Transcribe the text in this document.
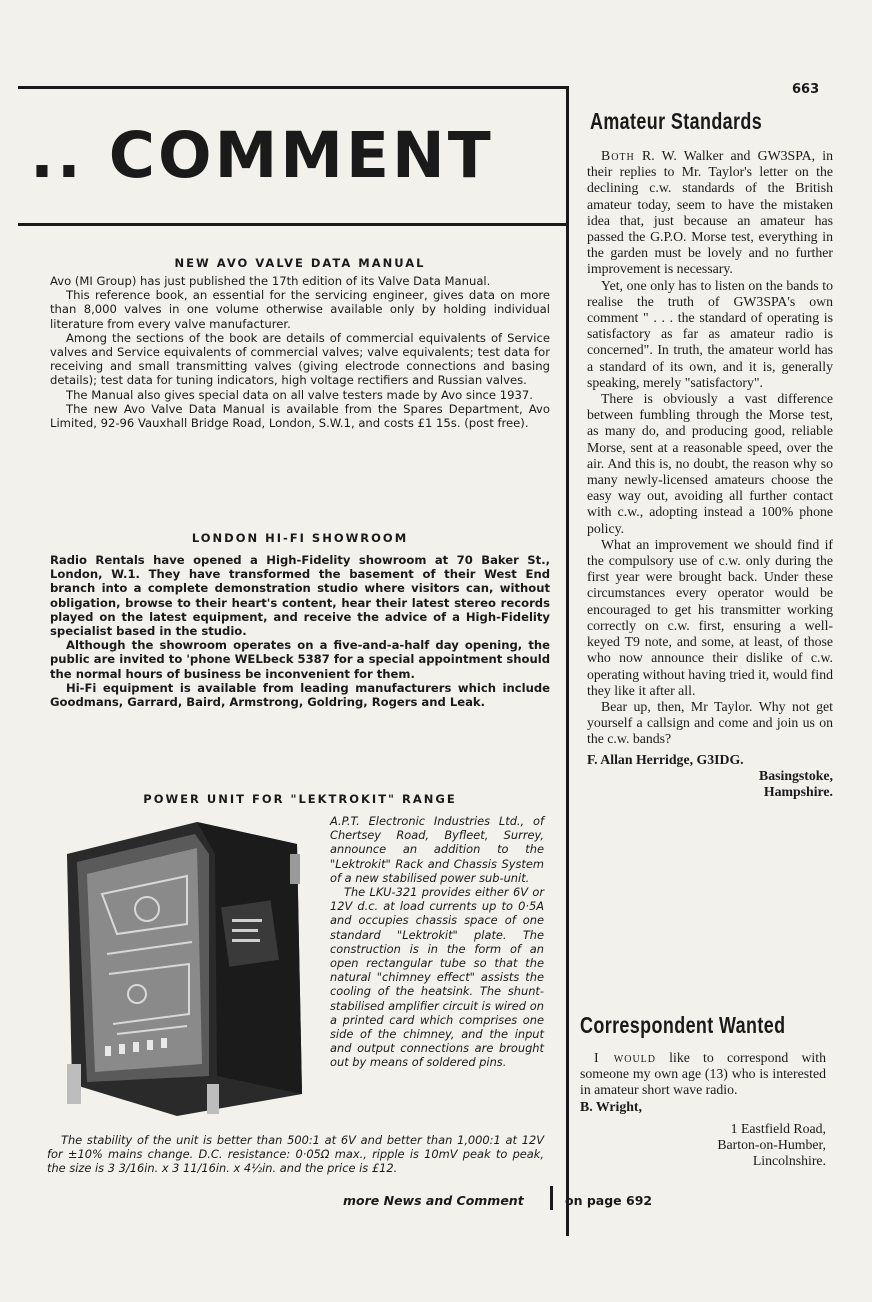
663
.. COMMENT
NEW AVO VALVE DATA MANUAL

Avo (MI Group) has just published the 17th edition of its Valve Data Manual.

This reference book, an essential for the servicing engineer, gives data on more than 8,000 valves in one volume otherwise available only by holding individual literature from every valve manufacturer.

Among the sections of the book are details of commercial equivalents of Service valves and Service equivalents of commercial valves; valve equivalents; test data for receiving and small transmitting valves (giving electrode connections and basing details); test data for tuning indicators, high voltage rectifiers and Russian valves.

The Manual also gives special data on all valve testers made by Avo since 1937.

The new Avo Valve Data Manual is available from the Spares Department, Avo Limited, 92-96 Vauxhall Bridge Road, London, S.W.1, and costs £1 15s. (post free).

LONDON HI-FI SHOWROOM

Radio Rentals have opened a High-Fidelity showroom at 70 Baker St., London, W.1. They have transformed the basement of their West End branch into a complete demonstration studio where visitors can, without obligation, browse to their heart's content, hear their latest stereo records played on the latest equipment, and receive the advice of a High-Fidelity specialist based in the studio.

Although the showroom operates on a five-and-a-half day opening, the public are invited to 'phone WELbeck 5387 for a special appointment should the normal hours of business be inconvenient for them.

Hi-Fi equipment is available from leading manufacturers which include Goodmans, Garrard, Baird, Armstrong, Goldring, Rogers and Leak.

POWER UNIT FOR "LEKTROKIT" RANGE

A.P.T. Electronic Industries Ltd., of Chertsey Road, Byfleet, Surrey, announce an addition to the "Lektrokit" Rack and Chassis System of a new stabilised power sub-unit.

The LKU-321 provides either 6V or 12V d.c. at load currents up to 0·5A and occupies chassis space of one standard "Lektrokit" plate. The construction is in the form of an open rectangular tube so that the natural "chimney effect" assists the cooling of the heatsink. The shunt-stabilised amplifier circuit is wired on a printed card which comprises one side of the chimney, and the input and output connections are brought out by means of soldered pins.

The stability of the unit is better than 500:1 at 6V and better than 1,000:1 at 12V for ±10% mains change. D.C. resistance: 0·05Ω max., ripple is 10mV peak to peak, the size is 3 3/16in. x 3 11/16in. x 4½in. and the price is £12.

more News and Comment	on page 692
Amateur Standards

Both R. W. Walker and GW3SPA, in their replies to Mr. Taylor's letter on the declining c.w. standards of the British amateur today, seem to have the mistaken idea that, just because an amateur has passed the G.P.O. Morse test, everything in the garden must be lovely and no further improvement is necessary.

Yet, one only has to listen on the bands to realise the truth of GW3SPA's own comment " . . . the standard of operating is satisfactory as far as amateur radio is concerned". In truth, the amateur world has a standard of its own, and it is, generally speaking, merely "satisfactory".

There is obviously a vast difference between fumbling through the Morse test, as many do, and producing good, reliable Morse, sent at a reasonable speed, over the air. And this is, no doubt, the reason why so many newly-licensed amateurs choose the easy way out, avoiding all further contact with c.w., adopting instead a 100% phone policy.

What an improvement we should find if the compulsory use of c.w. only during the first year were brought back. Under these circumstances every operator would be encouraged to get his transmitter working correctly on c.w. first, ensuring a well-keyed T9 note, and some, at least, of those who now announce their dislike of c.w. operating without having tried it, would find they like it after all.

Bear up, then, Mr Taylor. Why not get yourself a callsign and come and join us on the c.w. bands?

F. Allan Herridge, G3IDG.
Basingstoke,
Hampshire.
Correspondent Wanted

I would like to correspond with someone my own age (13) who is interested in amateur short wave radio.

B. Wright,
1 Eastfield Road,
Barton-on-Humber,
Lincolnshire.
